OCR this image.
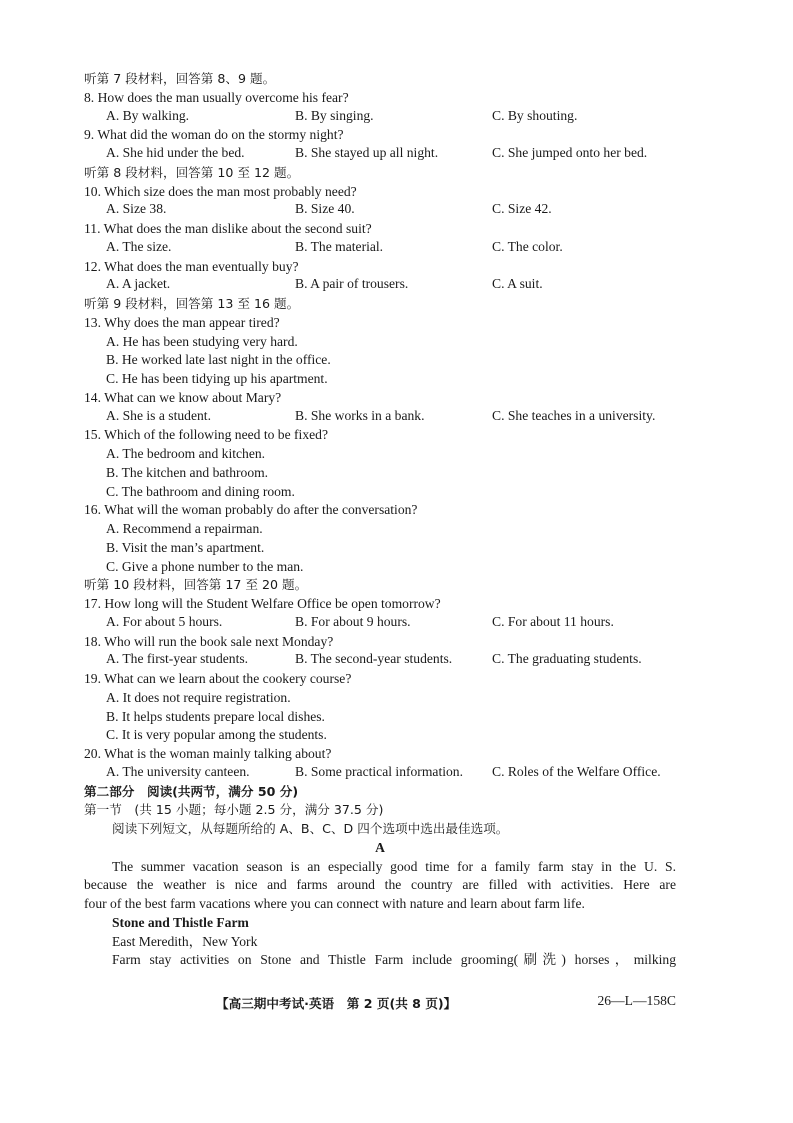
听第 7 段材料，回答第 8、9 题。
8. How does the man usually overcome his fear?
A. By walking.	B. By singing.	C. By shouting.
9. What did the woman do on the stormy night?
A. She hid under the bed.	B. She stayed up all night.	C. She jumped onto her bed.
听第 8 段材料，回答第 10 至 12 题。
10. Which size does the man most probably need?
A. Size 38.	B. Size 40.	C. Size 42.
11. What does the man dislike about the second suit?
A. The size.	B. The material.	C. The color.
12. What does the man eventually buy?
A. A jacket.	B. A pair of trousers.	C. A suit.
听第 9 段材料，回答第 13 至 16 题。
13. Why does the man appear tired?
A. He has been studying very hard.
B. He worked late last night in the office.
C. He has been tidying up his apartment.
14. What can we know about Mary?
A. She is a student.	B. She works in a bank.	C. She teaches in a university.
15. Which of the following need to be fixed?
A. The bedroom and kitchen.
B. The kitchen and bathroom.
C. The bathroom and dining room.
16. What will the woman probably do after the conversation?
A. Recommend a repairman.
B. Visit the man’s apartment.
C. Give a phone number to the man.
听第 10 段材料，回答第 17 至 20 题。
17. How long will the Student Welfare Office be open tomorrow?
A. For about 5 hours.	B. For about 9 hours.	C. For about 11 hours.
18. Who will run the book sale next Monday?
A. The first-year students.	B. The second-year students.	C. The graduating students.
19. What can we learn about the cookery course?
A. It does not require registration.
B. It helps students prepare local dishes.
C. It is very popular among the students.
20. What is the woman mainly talking about?
A. The university canteen.	B. Some practical information. C. Roles of the Welfare Office.
第二部分　阅读(共两节，满分 50 分)
第一节　(共 15 小题；每小题 2.5 分，满分 37.5 分)
阅读下列短文，从每题所给的 A、B、C、D 四个选项中选出最佳选项。
A
The summer vacation season is an especially good time for a family farm stay in the U. S.
because the weather is nice and farms around the country are filled with activities. Here are
four of the best farm vacations where you can connect with nature and learn about farm life.
Stone and Thistle Farm
East Meredith，New York
Farm stay activities on Stone and Thistle Farm include grooming(刷洗) horses，milking
【高三期中考试·英语　第 2 页(共 8 页)】	26—L—158C
